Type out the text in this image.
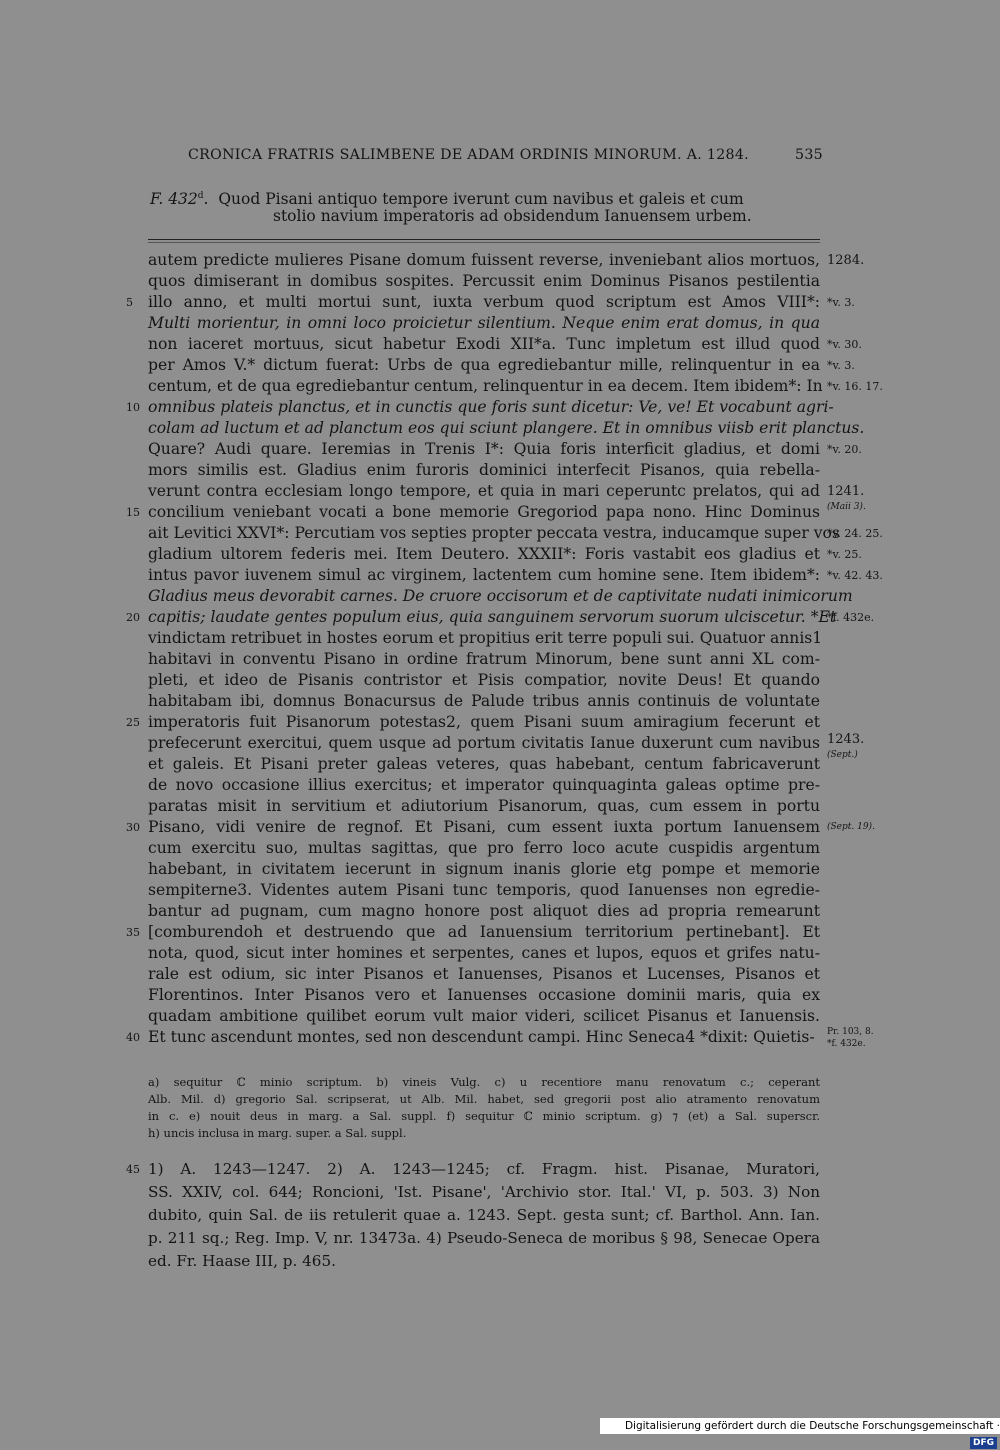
CRONICA FRATRIS SALIMBENE DE ADAM ORDINIS MINORUM. A. 1284.	535
F. 432$^d$.  Quod Pisani antiquo tempore iverunt cum navibus et galeis et cum
stolio navium imperatoris ad obsidendum Ianuensem urbem.
autem predicte mulieres Pisane domum fuissent reverse, inveniebant alios mortuos,
quos dimiserant in domibus sospites. Percussit enim Dominus Pisanos pestilentia
illo anno, et multi mortui sunt, iuxta verbum quod scriptum est Amos VIII*:
Multi morientur, in omni loco proicietur silentium. Neque enim erat domus, in qua
non iaceret mortuus, sicut habetur Exodi XII*a. Tunc impletum est illud quod
per Amos V.* dictum fuerat: Urbs de qua egrediebantur mille, relinquentur in ea
centum, et de qua egrediebantur centum, relinquentur in ea decem. Item ibidem*: In
omnibus plateis planctus, et in cunctis que foris sunt dicetur: Ve, ve! Et vocabunt agri-
colam ad luctum et ad planctum eos qui sciunt plangere. Et in omnibus viisb erit planctus.
Quare? Audi quare. Ieremias in Trenis I*: Quia foris interficit gladius, et domi
mors similis est. Gladius enim furoris dominici interfecit Pisanos, quia rebella-
verunt contra ecclesiam longo tempore, et quia in mari ceperuntc prelatos, qui ad
concilium veniebant vocati a bone memorie Gregoriod papa nono. Hinc Dominus
ait Levitici XXVI*: Percutiam vos septies propter peccata vestra, inducamque super vos
gladium ultorem federis mei. Item Deutero. XXXII*: Foris vastabit eos gladius et
intus pavor iuvenem simul ac virginem, lactentem cum homine sene. Item ibidem*:
Gladius meus devorabit carnes. De cruore occisorum et de captivitate nudati inimicorum
capitis; laudate gentes populum eius, quia sanguinem servorum suorum ulciscetur. *Et
vindictam retribuet in hostes eorum et propitius erit terre populi sui. Quatuor annis1
habitavi in conventu Pisano in ordine fratrum Minorum, bene sunt anni XL com-
pleti, et ideo de Pisanis contristor et Pisis compatior, novite Deus! Et quando
habitabam ibi, domnus Bonacursus de Palude tribus annis continuis de voluntate
imperatoris fuit Pisanorum potestas2, quem Pisani suum amiragium fecerunt et
prefecerunt exercitui, quem usque ad portum civitatis Ianue duxerunt cum navibus
et galeis. Et Pisani preter galeas veteres, quas habebant, centum fabricaverunt
de novo occasione illius exercitus; et imperator quinquaginta galeas optime pre-
paratas misit in servitium et adiutorium Pisanorum, quas, cum essem in portu
Pisano, vidi venire de regnof. Et Pisani, cum essent iuxta portum Ianuensem
cum exercitu suo, multas sagittas, que pro ferro loco acute cuspidis argentum
habebant, in civitatem iecerunt in signum inanis glorie etg pompe et memorie
sempiterne3. Videntes autem Pisani tunc temporis, quod Ianuenses non egredie-
bantur ad pugnam, cum magno honore post aliquot dies ad propria remearunt
[comburendoh et destruendo que ad Ianuensium territorium pertinebant]. Et
nota, quod, sicut inter homines et serpentes, canes et lupos, equos et grifes natu-
rale est odium, sic inter Pisanos et Ianuenses, Pisanos et Lucenses, Pisanos et
Florentinos. Inter Pisanos vero et Ianuenses occasione dominii maris, quia ex
quadam ambitione quilibet eorum vult maior videri, scilicet Pisanus et Ianuensis.
Et tunc ascendunt montes, sed non descendunt campi. Hinc Seneca4 *dixit: Quietis-
5
10
15
20
25
30
35
40
1284.
*v. 3.
*v. 30.
*v. 3.
*v. 16. 17.
*v. 20.
1241.
(Maii 3).
*v. 24. 25.
*v. 25.
*v. 42. 43.
*f. 432e.
1243.
(Sept.)
(Sept. 19).
Pr. 103, 8.
*f. 432e.
a) sequitur ℂ minio scriptum. b) vineis Vulg. c) u recentiore manu renovatum c.; ceperant
Alb. Mil. d) gregorio Sal. scripserat, ut Alb. Mil. habet, sed gregorii post alio atramento renovatum
in c. e) nouit deus in marg. a Sal. suppl. f) sequitur ℂ minio scriptum. g) ⁊ (et) a Sal. superscr.
h) uncis inclusa in marg. super. a Sal. suppl.
45 1) A. 1243—1247. 2) A. 1243—1245; cf. Fragm. hist. Pisanae, Muratori,
SS. XXIV, col. 644; Roncioni, 'Ist. Pisane', 'Archivio stor. Ital.' VI, p. 503. 3) Non
dubito, quin Sal. de iis retulerit quae a. 1243. Sept. gesta sunt; cf. Barthol. Ann. Ian.
p. 211 sq.; Reg. Imp. V, nr. 13473a. 4) Pseudo-Seneca de moribus § 98, Senecae Opera
ed. Fr. Haase III, p. 465.
Digitalisierung gefördert durch die Deutsche Forschungsgemeinschaft ·DFG
